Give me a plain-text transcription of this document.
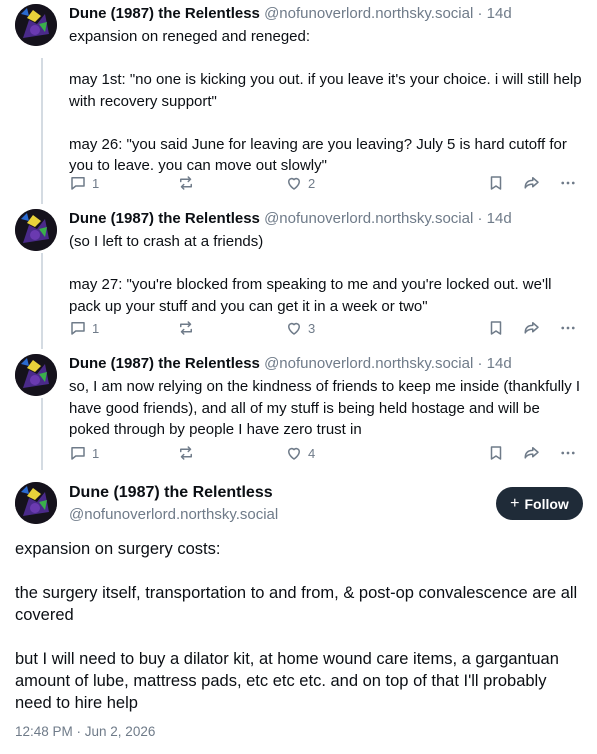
Dune (1987) the Relentless @nofunoverlord.northsky.social · 14d
expansion on reneged and reneged:

may 1st: "no one is kicking you out. if you leave it's your choice. i will still help with recovery support"

may 26: "you said June for leaving are you leaving? July 5 is hard cutoff for you to leave. you can move out slowly"
1	2
Dune (1987) the Relentless @nofunoverlord.northsky.social · 14d
(so I left to crash at a friends)

may 27: "you're blocked from speaking to me and you're locked out. we'll pack up your stuff and you can get it in a week or two"
1	3
Dune (1987) the Relentless @nofunoverlord.northsky.social · 14d
so, I am now relying on the kindness of friends to keep me inside (thankfully I have good friends), and all of my stuff is being held hostage and will be poked through by people I have zero trust in
1	4
Dune (1987) the Relentless
@nofunoverlord.northsky.social
+ Follow
expansion on surgery costs:

the surgery itself, transportation to and from, & post-op convalescence are all covered

but I will need to buy a dilator kit, at home wound care items, a gargantuan amount of lube, mattress pads, etc etc etc. and on top of that I'll probably need to hire help
12:48 PM · Jun 2, 2026
